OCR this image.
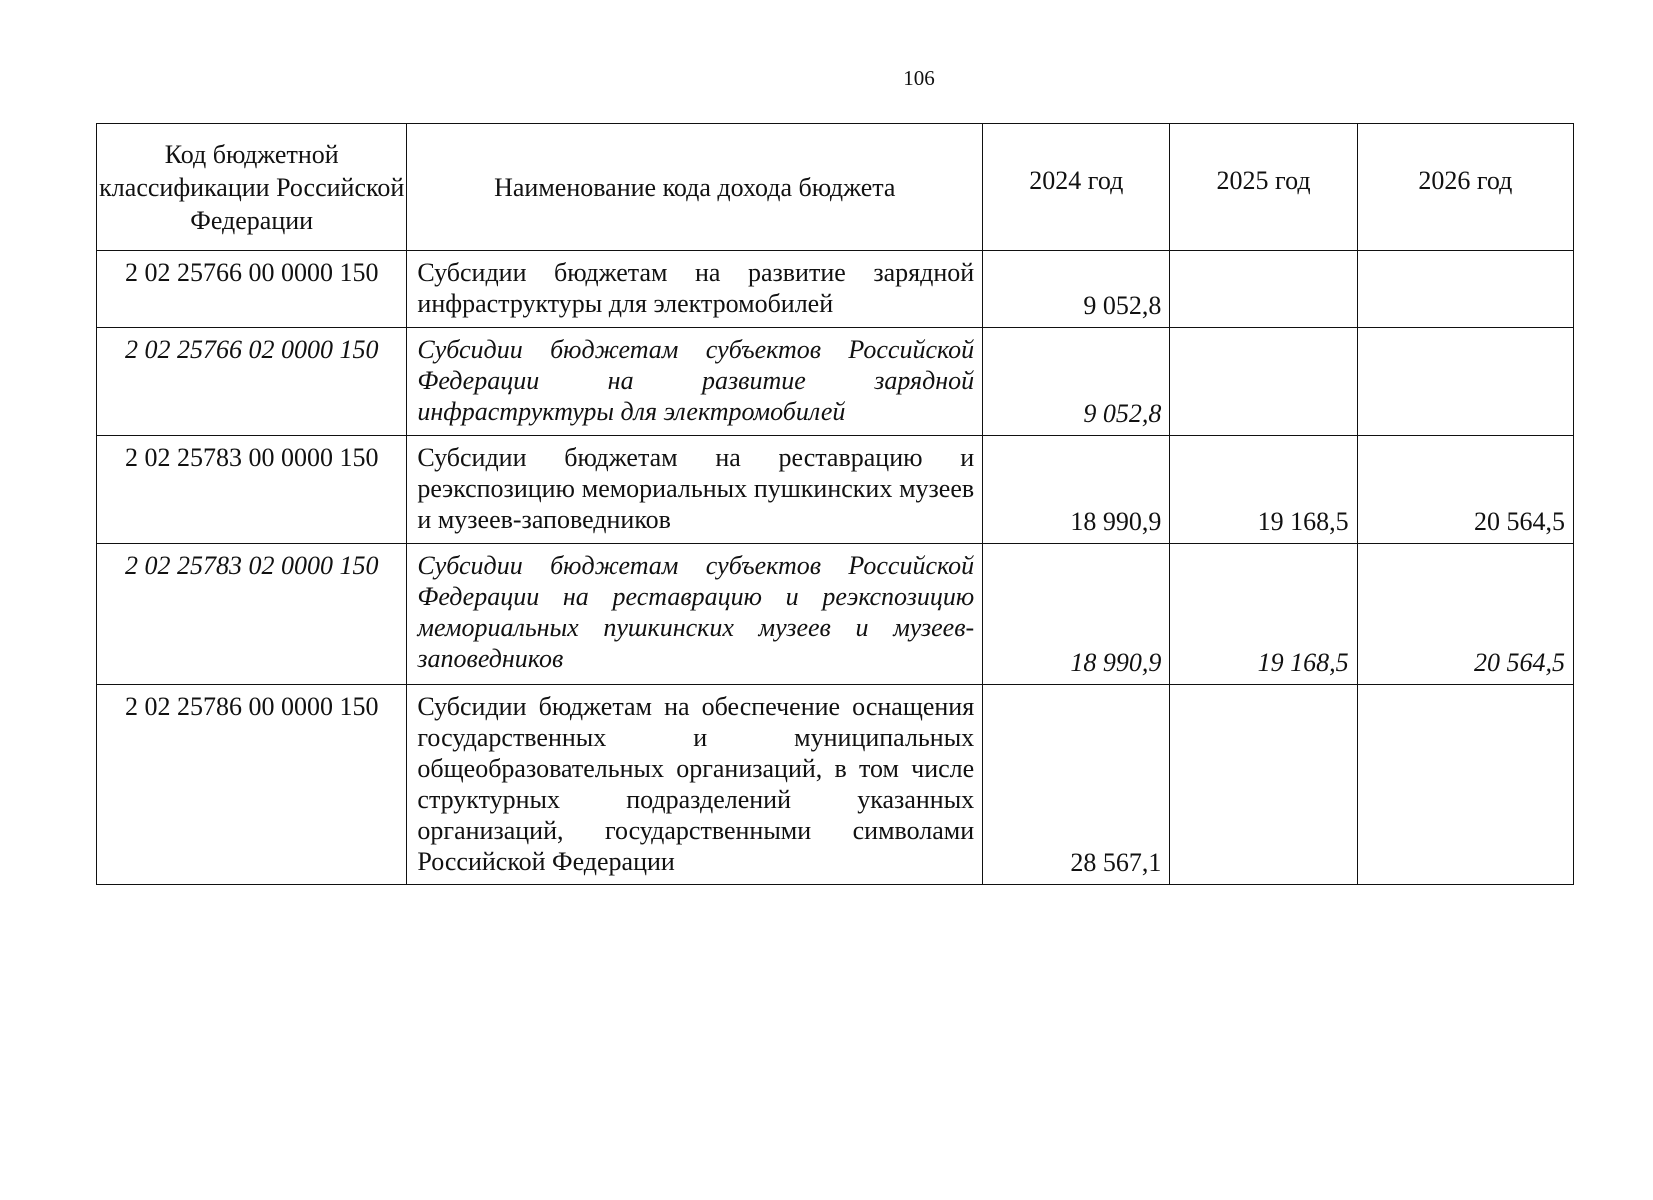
106
Код бюджетной классификации Российской Федерации	Наименование кода дохода бюджета	2024 год	2025 год	2026 год
2 02 25766 00 0000 150	Субсидии бюджетам на развитие зарядной инфраструктуры для электромобилей	9 052,8		
2 02 25766 02 0000 150	Субсидии бюджетам субъектов Российской Федерации на развитие зарядной инфраструктуры для электромобилей	9 052,8		
2 02 25783 00 0000 150	Субсидии бюджетам на реставрацию и реэкспозицию мемориальных пушкинских музеев и музеев-заповедников	18 990,9	19 168,5	20 564,5
2 02 25783 02 0000 150	Субсидии бюджетам субъектов Российской Федерации на реставрацию и реэкспозицию мемориальных пушкинских музеев и музеев-заповедников	18 990,9	19 168,5	20 564,5
2 02 25786 00 0000 150	Субсидии бюджетам на обеспечение оснащения государственных и муниципальных общеобразовательных организаций, в том числе структурных подразделений указанных организаций, государственными символами Российской Федерации	28 567,1		
